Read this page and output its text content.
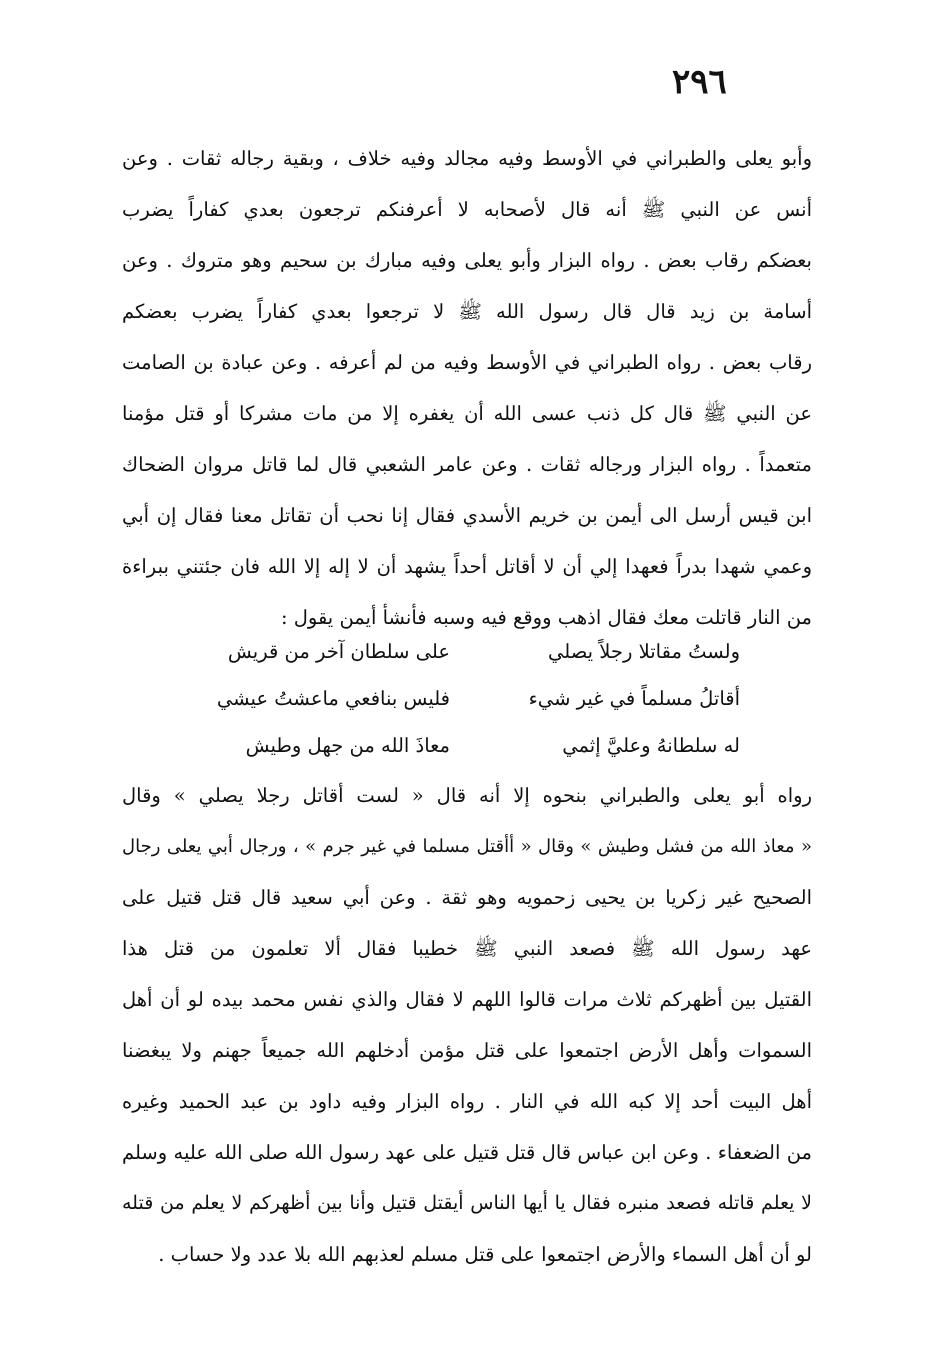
٢٩٦
وأبو يعلى والطبراني في الأوسط وفيه مجالد وفيه خلاف ، وبقية رجاله ثقات . وعن
أنس عن النبي ﷺ أنه قال لأصحابه لا أعرفنكم ترجعون بعدي كفاراً يضرب
بعضكم رقاب بعض . رواه البزار وأبو يعلى وفيه مبارك بن سحيم وهو متروك . وعن
أسامة بن زيد قال قال رسول الله ﷺ لا ترجعوا بعدي كفاراً يضرب بعضكم
رقاب بعض . رواه الطبراني في الأوسط وفيه من لم أعرفه . وعن عبادة بن الصامت
عن النبي ﷺ قال كل ذنب عسى الله أن يغفره إلا من مات مشركا أو قتل مؤمنا
متعمداً . رواه البزار ورجاله ثقات . وعن عامر الشعبي قال لما قاتل مروان الضحاك
ابن قيس أرسل الى أيمن بن خريم الأسدي فقال إنا نحب أن تقاتل معنا فقال إن أبي
وعمي شهدا بدراً فعهدا إلي أن لا أقاتل أحداً يشهد أن لا إله إلا الله فان جئتني ببراءة
من النار قاتلت معك فقال اذهب ووقع فيه وسبه فأنشأ أيمن يقول :
ولستُ مقاتلا رجلاً يصلي
على سلطان آخر من قريش
أقاتلُ مسلماً في غير شيء
فليس بنافعي ماعشتُ عيشي
له سلطانهُ وعليَّ إثمي
معاذَ الله من جهل وطيش
رواه أبو يعلى والطبراني بنحوه إلا أنه قال « لست أقاتل رجلا يصلي » وقال
« معاذ الله من فشل وطيش » وقال « أأقتل مسلما في غير جرم » ، ورجال أبي يعلى رجال
الصحيح غير زكريا بن يحيى زحمويه وهو ثقة . وعن أبي سعيد قال قتل قتيل على
عهد رسول الله ﷺ فصعد النبي ﷺ خطيبا فقال ألا تعلمون من قتل هذا
القتيل بين أظهركم ثلاث مرات قالوا اللهم لا فقال والذي نفس محمد بيده لو أن أهل
السموات وأهل الأرض اجتمعوا على قتل مؤمن أدخلهم الله جميعاً جهنم ولا يبغضنا
أهل البيت أحد إلا كبه الله في النار . رواه البزار وفيه داود بن عبد الحميد وغيره
من الضعفاء . وعن ابن عباس قال قتل قتيل على عهد رسول الله صلى الله عليه وسلم
لا يعلم قاتله فصعد منبره فقال يا أيها الناس أيقتل قتيل وأنا بين أظهركم لا يعلم من قتله
لو أن أهل السماء والأرض اجتمعوا على قتل مسلم لعذبهم الله بلا عدد ولا حساب .
